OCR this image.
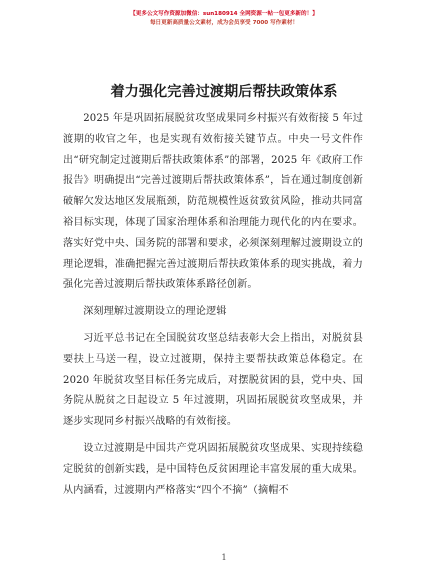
【更多公文写作资源加微信：sun180914 全网资源一帖一包更多新的！】
每日更新高质量公文素材，成为会员享受 7000 写作素材！
着力强化完善过渡期后帮扶政策体系

2025 年是巩固拓展脱贫攻坚成果同乡村振兴有效衔接 5 年过渡期的收官之年，也是实现有效衔接关键节点。中央一号文件作出“研究制定过渡期后帮扶政策体系”的部署，2025 年《政府工作报告》明确提出“完善过渡期后帮扶政策体系”，旨在通过制度创新破解欠发达地区发展瓶颈，防范规模性返贫致贫风险，推动共同富裕目标实现，体现了国家治理体系和治理能力现代化的内在要求。落实好党中央、国务院的部署和要求，必须深刻理解过渡期设立的理论逻辑，准确把握完善过渡期后帮扶政策体系的现实挑战，着力强化完善过渡期后帮扶政策体系路径创新。

深刻理解过渡期设立的理论逻辑

习近平总书记在全国脱贫攻坚总结表彰大会上指出，对脱贫县要扶上马送一程，设立过渡期，保持主要帮扶政策总体稳定。在 2020 年脱贫攻坚目标任务完成后，对摆脱贫困的县，党中央、国务院从脱贫之日起设立 5 年过渡期，巩固拓展脱贫攻坚成果，并逐步实现同乡村振兴战略的有效衔接。

设立过渡期是中国共产党巩固拓展脱贫攻坚成果、实现持续稳定脱贫的创新实践，是中国特色反贫困理论丰富发展的重大成果。从内涵看，过渡期内严格落实“四个不摘”（摘帽不

1
